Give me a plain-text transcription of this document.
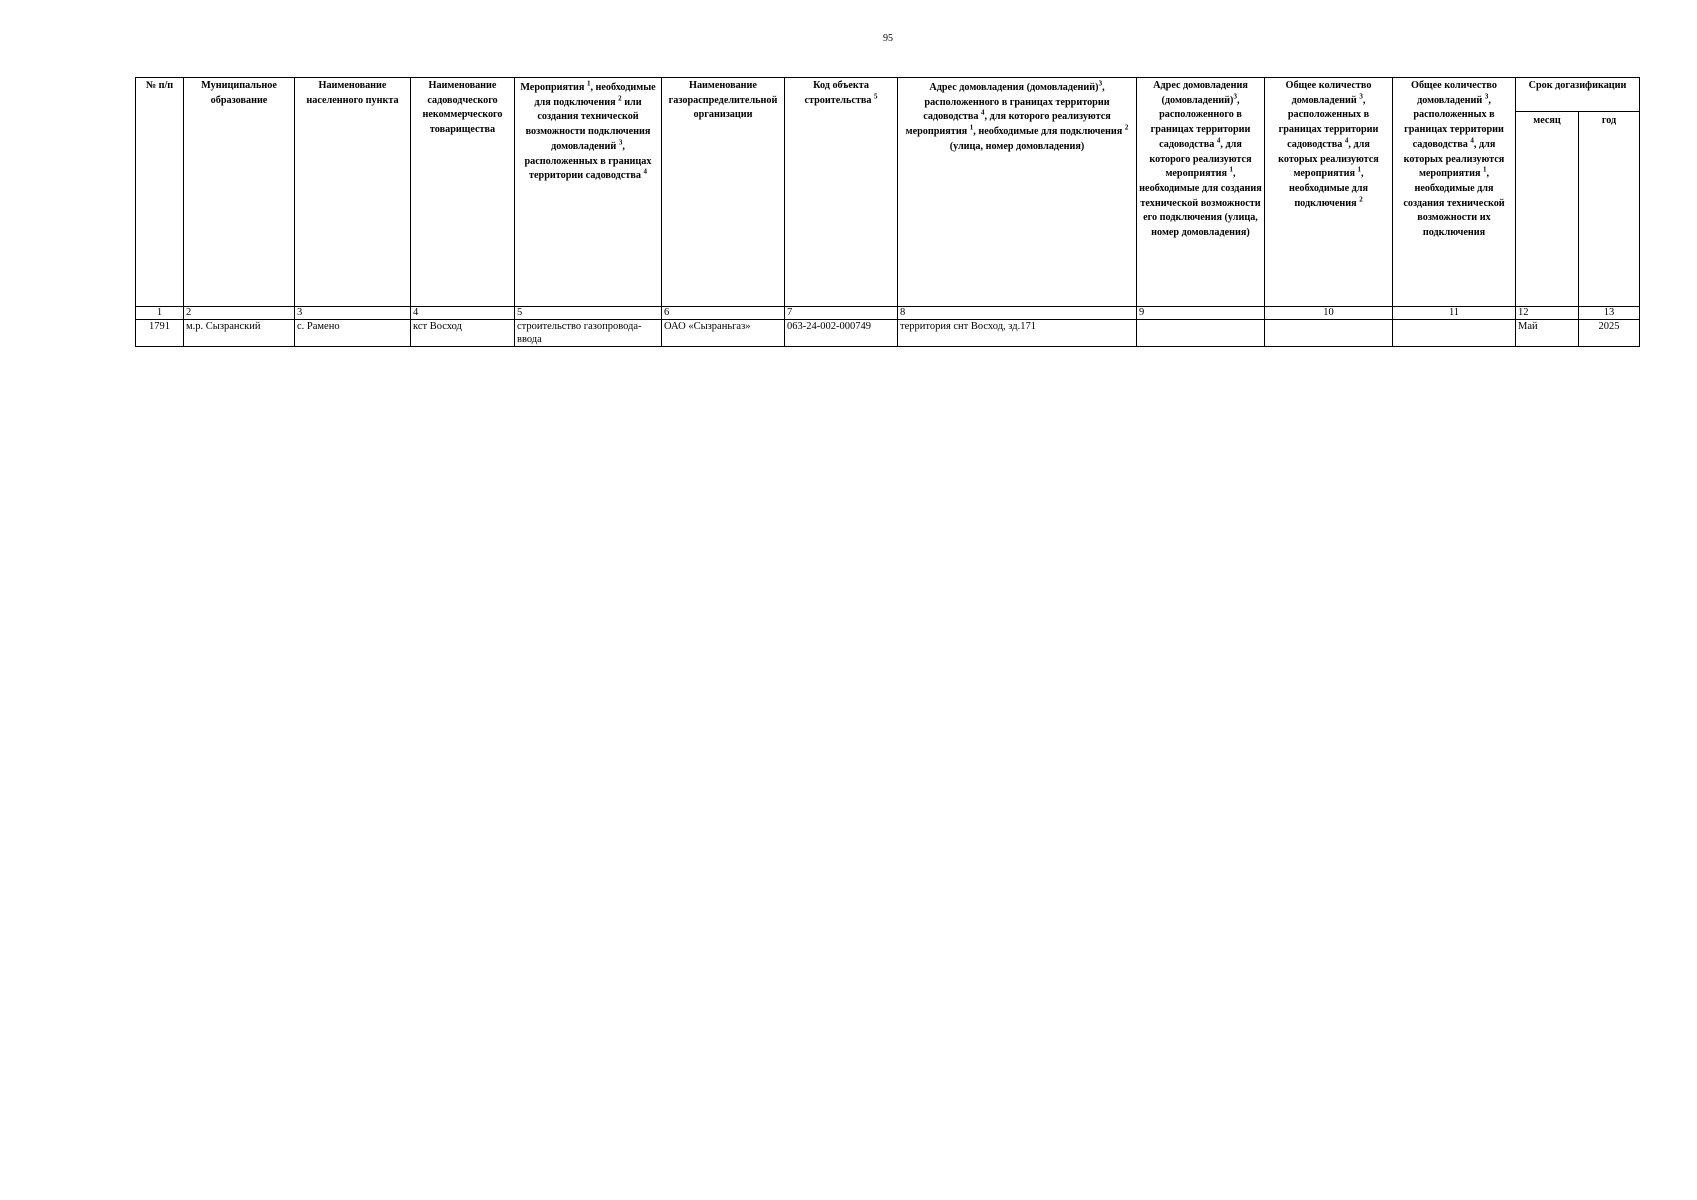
95
№ п/п	Муниципальное образование	Наименование населенного пункта	Наименование садоводческого некоммерческого товарищества	Мероприятия $^1$, необходимые для подключения $^2$ или создания технической возможности подключения домовладений $^3$, расположенных в границах территории садоводства $^4$	Наименование газораспределительной организации	Код объекта строительства $^5$	Адрес домовладения (домовладений)$^3$, расположенного в границах территории садоводства $^4$, для которого реализуются мероприятия $^1$, необходимые для подключения $^2$ (улица, номер домовладения)	Адрес домовладения (домовладений)$^3$, расположенного в границах территории садоводства $^4$, для которого реализуются мероприятия $^1$, необходимые для создания технической возможности его подключения (улица, номер домовладения)	Общее количество домовладений $^3$, расположенных в границах территории садоводства $^4$, для которых реализуются мероприятия $^1$, необходимые для подключения $^2$	Общее количество домовладений $^3$, расположенных в границах территории садоводства $^4$, для которых реализуются мероприятия $^1$, необходимые для создания технической возможности их подключения	Срок догазификации	
											месяц	год
1	2	3	4	5	6	7	8	9	10	11	12	13
1791	м.р. Сызранский	с. Рамено	кст Восход	строительство газопровода-ввода	ОАО «Сызраньгаз»	063-24-002-000749	территория снт Восход, зд.171				Май	2025
